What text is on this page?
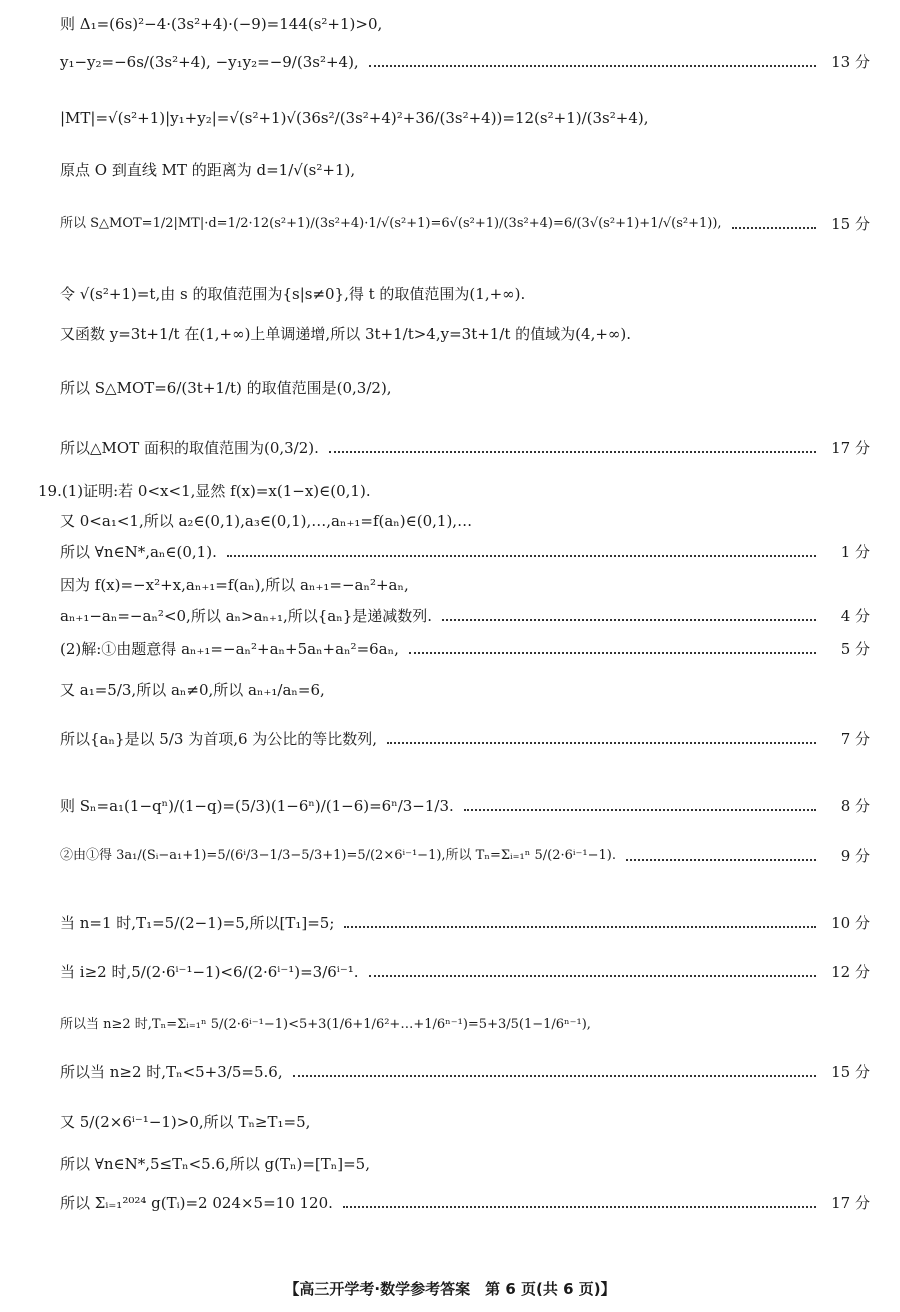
则 Δ₁=(6s)²−4·(3s²+4)·(−9)=144(s²+1)>0,
y₁−y₂=−6s/(3s²+4), −y₁y₂=−9/(3s²+4),	13 分
|MT|=√(s²+1)|y₁+y₂|=√(s²+1)√(36s²/(3s²+4)²+36/(3s²+4))=12(s²+1)/(3s²+4),
原点 O 到直线 MT 的距离为 d=1/√(s²+1),
所以 S△MOT=1/2|MT|·d=1/2·12(s²+1)/(3s²+4)·1/√(s²+1)=6√(s²+1)/(3s²+4)=6/(3√(s²+1)+1/√(s²+1)),	15 分
令 √(s²+1)=t,由 s 的取值范围为{s|s≠0},得 t 的取值范围为(1,+∞).
又函数 y=3t+1/t 在(1,+∞)上单调递增,所以 3t+1/t>4,y=3t+1/t 的值域为(4,+∞).
所以 S△MOT=6/(3t+1/t) 的取值范围是(0,3/2),
所以△MOT 面积的取值范围为(0,3/2).	17 分
19.(1)证明:若 0<x<1,显然 f(x)=x(1−x)∈(0,1).
又 0<a₁<1,所以 a₂∈(0,1),a₃∈(0,1),…,aₙ₊₁=f(aₙ)∈(0,1),…
所以 ∀n∈N*,aₙ∈(0,1).	1 分
因为 f(x)=−x²+x,aₙ₊₁=f(aₙ),所以 aₙ₊₁=−aₙ²+aₙ,
aₙ₊₁−aₙ=−aₙ²<0,所以 aₙ>aₙ₊₁,所以{aₙ}是递减数列.	4 分
(2)解:①由题意得 aₙ₊₁=−aₙ²+aₙ+5aₙ+aₙ²=6aₙ,	5 分
又 a₁=5/3,所以 aₙ≠0,所以 aₙ₊₁/aₙ=6,
所以{aₙ}是以 5/3 为首项,6 为公比的等比数列,	7 分
则 Sₙ=a₁(1−qⁿ)/(1−q)=(5/3)(1−6ⁿ)/(1−6)=6ⁿ/3−1/3.	8 分
②由①得 3a₁/(Sᵢ−a₁+1)=5/(6ⁱ/3−1/3−5/3+1)=5/(2×6ⁱ⁻¹−1),所以 Tₙ=Σᵢ₌₁ⁿ 5/(2·6ⁱ⁻¹−1).	9 分
当 n=1 时,T₁=5/(2−1)=5,所以[T₁]=5;	10 分
当 i≥2 时,5/(2·6ⁱ⁻¹−1)<6/(2·6ⁱ⁻¹)=3/6ⁱ⁻¹.	12 分
所以当 n≥2 时,Tₙ=Σᵢ₌₁ⁿ 5/(2·6ⁱ⁻¹−1)<5+3(1/6+1/6²+…+1/6ⁿ⁻¹)=5+3/5(1−1/6ⁿ⁻¹),
所以当 n≥2 时,Tₙ<5+3/5=5.6,	15 分
又 5/(2×6ⁱ⁻¹−1)>0,所以 Tₙ≥T₁=5,
所以 ∀n∈N*,5≤Tₙ<5.6,所以 g(Tₙ)=[Tₙ]=5,
所以 Σᵢ₌₁²⁰²⁴ g(Tᵢ)=2 024×5=10 120.	17 分
【高三开学考·数学参考答案　第 6 页(共 6 页)】
